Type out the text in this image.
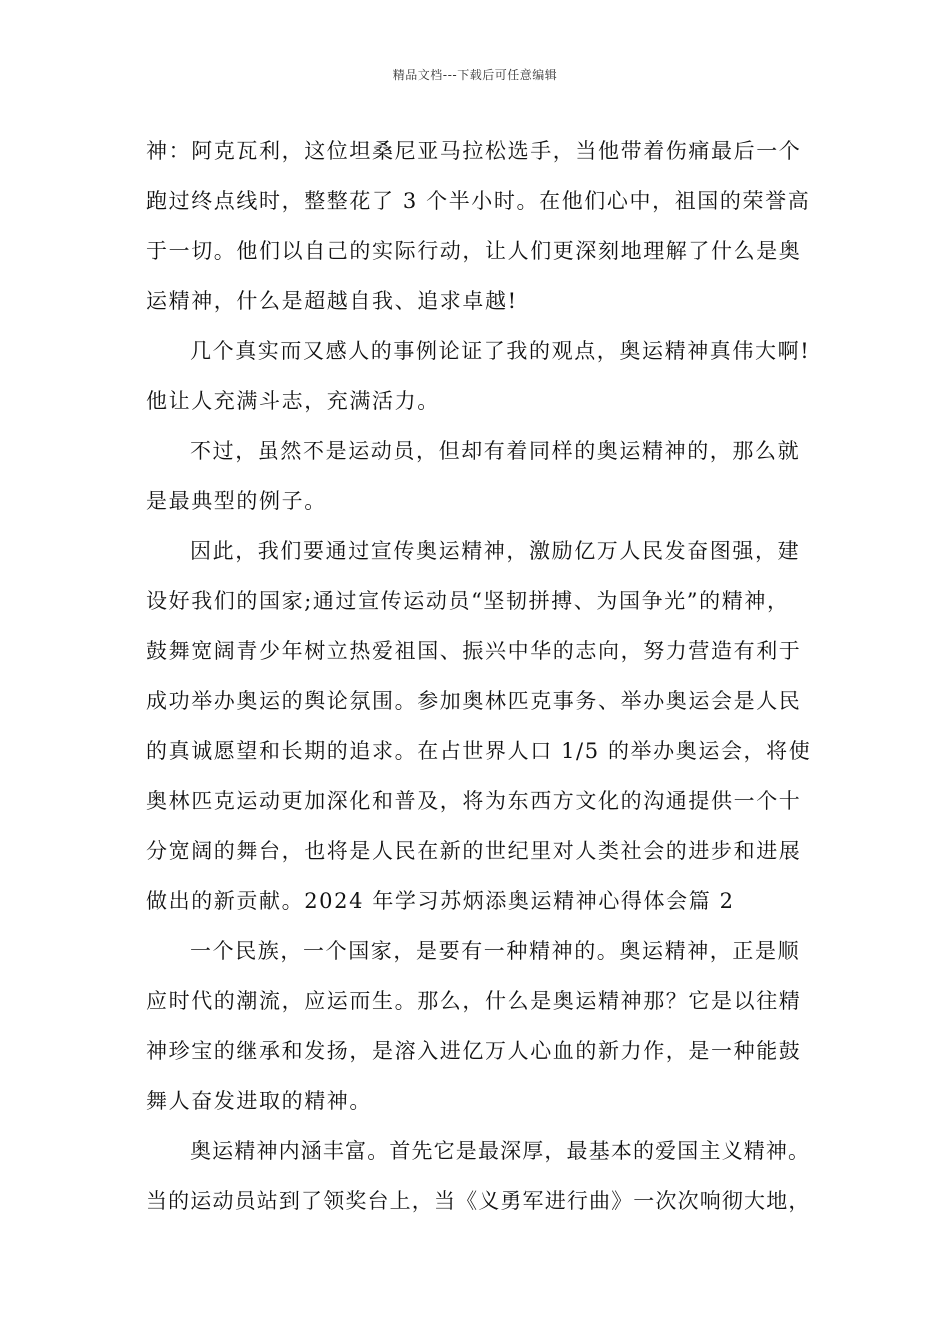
精品文档---下载后可任意编辑
神：阿克瓦利，这位坦桑尼亚马拉松选手，当他带着伤痛最后一个
跑过终点线时，整整花了 3 个半小时。在他们心中，祖国的荣誉高
于一切。他们以自己的实际行动，让人们更深刻地理解了什么是奥
运精神，什么是超越自我、追求卓越!
几个真实而又感人的事例论证了我的观点，奥运精神真伟大啊!
他让人充满斗志，充满活力。
不过，虽然不是运动员，但却有着同样的奥运精神的，那么就
是最典型的例子。
因此，我们要通过宣传奥运精神，激励亿万人民发奋图强，建
设好我们的国家;通过宣传运动员“坚韧拼搏、为国争光”的精神，
鼓舞宽阔青少年树立热爱祖国、振兴中华的志向，努力营造有利于
成功举办奥运的舆论氛围。参加奥林匹克事务、举办奥运会是人民
的真诚愿望和长期的追求。在占世界人口 1/5 的举办奥运会，将使
奥林匹克运动更加深化和普及，将为东西方文化的沟通提供一个十
分宽阔的舞台，也将是人民在新的世纪里对人类社会的进步和进展
做出的新贡献。2024 年学习苏炳添奥运精神心得体会篇 2
一个民族，一个国家，是要有一种精神的。奥运精神，正是顺
应时代的潮流，应运而生。那么，什么是奥运精神那？它是以往精
神珍宝的继承和发扬，是溶入进亿万人心血的新力作，是一种能鼓
舞人奋发进取的精神。
奥运精神内涵丰富。首先它是最深厚，最基本的爱国主义精神。
当的运动员站到了领奖台上，当《义勇军进行曲》一次次响彻大地，
